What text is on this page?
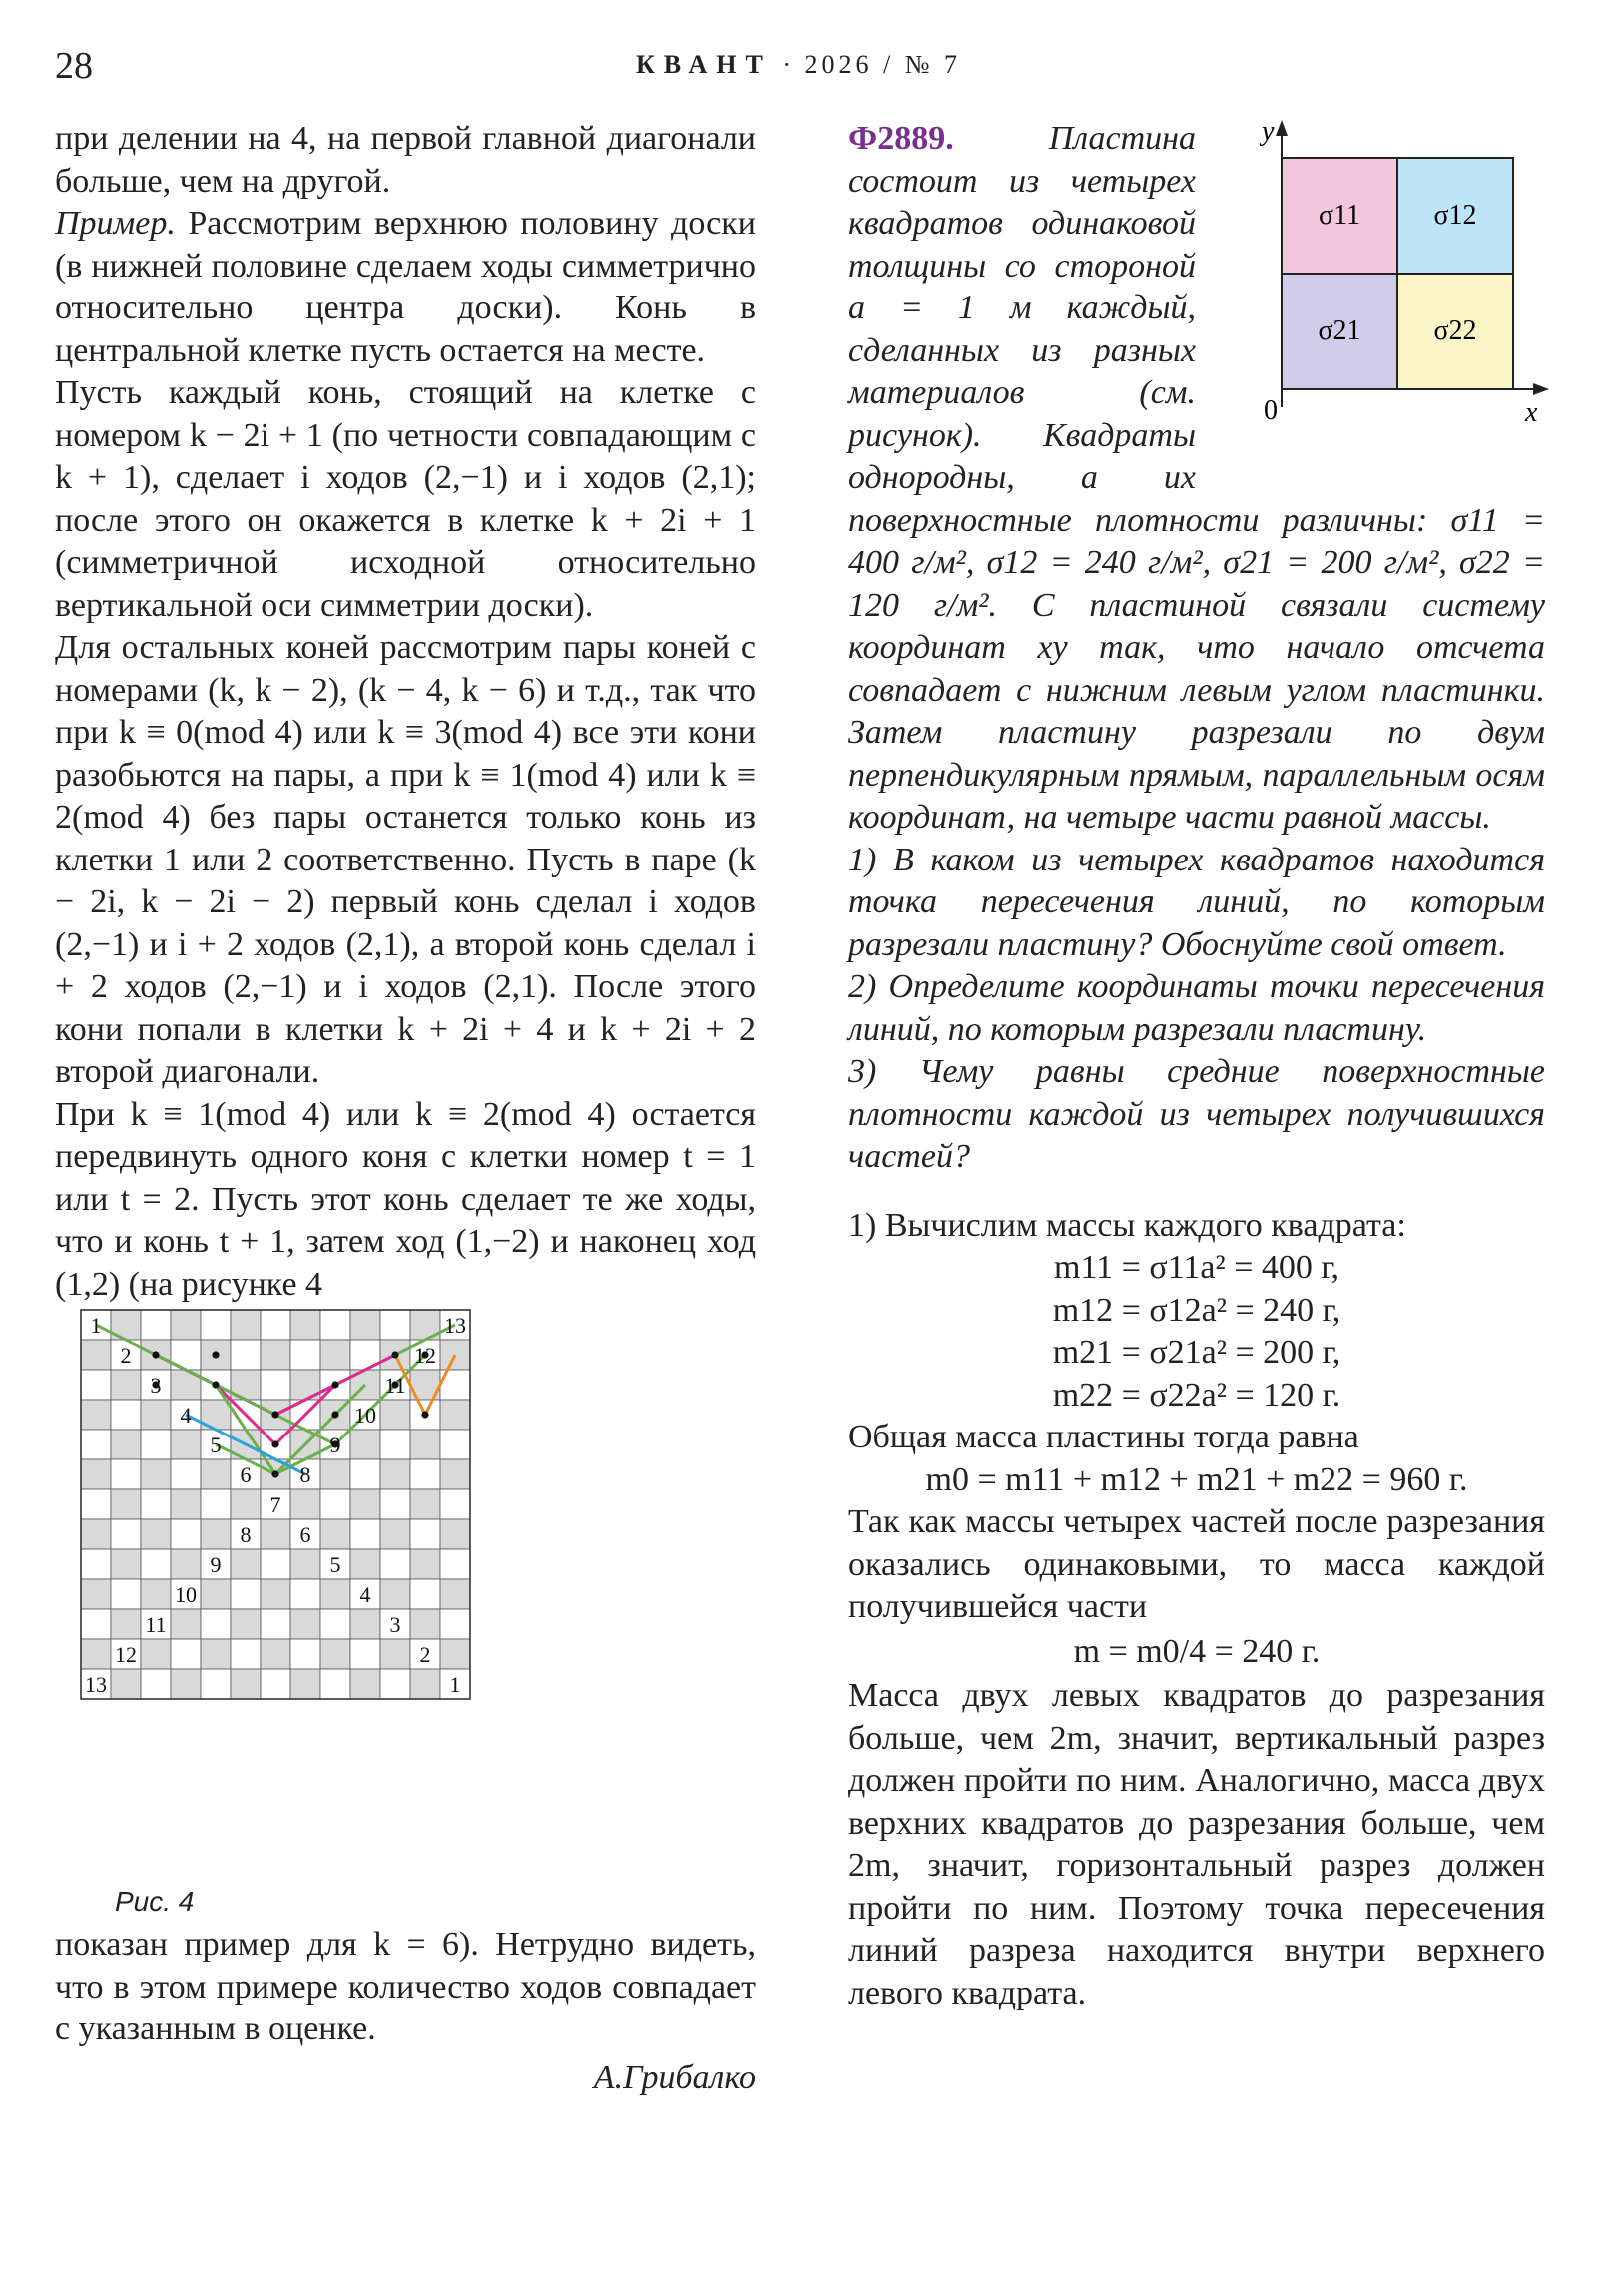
28	КВАНТ · 2026 / № 7

при делении на 4, на первой главной диагонали больше, чем на другой.

Пример. Рассмотрим верхнюю половину доски (в нижней половине сделаем ходы симметрично относительно центра доски). Конь в центральной клетке пусть остается на месте.

Пусть каждый конь, стоящий на клетке с номером k − 2i + 1 (по четности совпадающим с k + 1), сделает i ходов (2,−1) и i ходов (2,1); после этого он окажется в клетке k + 2i + 1 (симметричной исходной относительно вертикальной оси симметрии доски).

Для остальных коней рассмотрим пары коней с номерами (k, k − 2), (k − 4, k − 6) и т.д., так что при k ≡ 0(mod 4) или k ≡ 3(mod 4) все эти кони разобьются на пары, а при k ≡ 1(mod 4) или k ≡ 2(mod 4) без пары останется только конь из клетки 1 или 2 соответственно. Пусть в паре (k − 2i, k − 2i − 2) первый конь сделал i ходов (2,−1) и i + 2 ходов (2,1), а второй конь сделал i + 2 ходов (2,−1) и i ходов (2,1). После этого кони попали в клетки k + 2i + 4 и k + 2i + 2 второй диагонали.

При k ≡ 1(mod 4) или k ≡ 2(mod 4) остается передвинуть одного коня с клетки номер t = 1 или t = 2. Пусть этот конь сделает те же ходы, что и конь t + 1, затем ход (1,−2) и наконец ход (1,2) (на рисунке 4

1	13
2	12
3	11
4	10
5	9
6 8
7
8 6
9	5
10	4
11	3
12	2
13	1
Рис. 4

показан пример для k = 6). Нетрудно видеть, что в этом примере количество ходов совпадает с указанным в оценке.

А.Грибалко

y
x
0
σ11	σ12
σ21	σ22

Ф2889.	Пластина состоит из четырех квадратов одинаковой толщины со стороной a = 1 м каждый, сделанных из разных материалов (см. рисунок). Квадраты однородны, а их поверхностные плотности различны: σ11 = 400 г/м², σ12 = 240 г/м², σ21 = 200 г/м², σ22 = 120 г/м². С пластиной связали систему координат xy так, что начало отсчета совпадает с нижним левым углом пластинки. Затем пластину разрезали по двум перпендикулярным прямым, параллельным осям координат, на четыре части равной массы.

1) В каком из четырех квадратов находится точка пересечения линий, по которым разрезали пластину? Обоснуйте свой ответ.

2) Определите координаты точки пересечения линий, по которым разрезали пластину.

3) Чему равны средние поверхностные плотности каждой из четырех получившихся частей?

1) Вычислим массы каждого квадрата:

m11 = σ11a² = 400 г,

m12 = σ12a² = 240 г,

m21 = σ21a² = 200 г,

m22 = σ22a² = 120 г.

Общая масса пластины тогда равна

m0 = m11 + m12 + m21 + m22 = 960 г.

Так как массы четырех частей после разрезания оказались одинаковыми, то масса каждой получившейся части

m = m0/4 = 240 г.

Масса двух левых квадратов до разрезания больше, чем 2m, значит, вертикальный разрез должен пройти по ним. Аналогично, масса двух верхних квадратов до разрезания больше, чем 2m, значит, горизонтальный разрез должен пройти по ним. Поэтому точка пересечения линий разреза находится внутри верхнего левого квадрата.
